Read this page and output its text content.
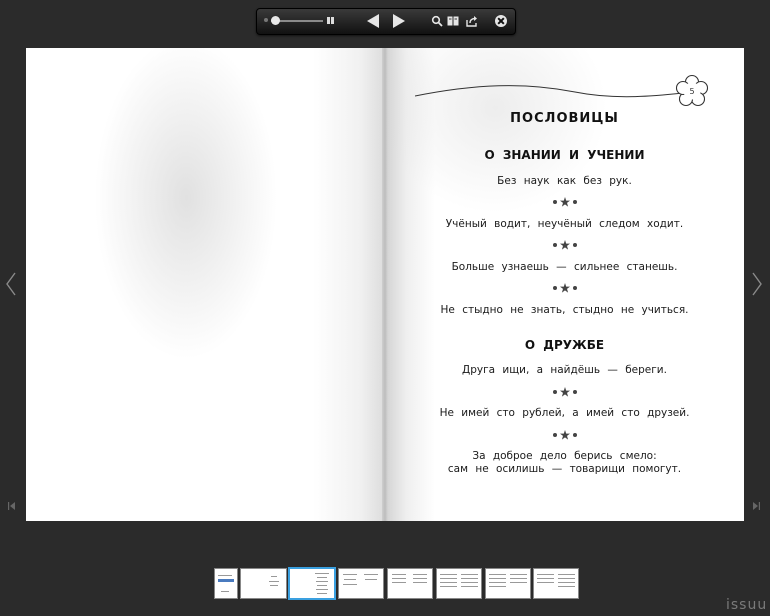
5
ПОСЛОВИЦЫ
О ЗНАНИИ И УЧЕНИИ
Без наук как без рук.
Учёный водит, неучёный следом ходит.
Больше узнаешь — сильнее станешь.
Не стыдно не знать, стыдно не учиться.
О ДРУЖБЕ
Друга ищи, а найдёшь — береги.
Не имей сто рублей, а имей сто друзей.
За доброе дело берись смело:
сам не осилишь — товарищи помогут.
issuu
